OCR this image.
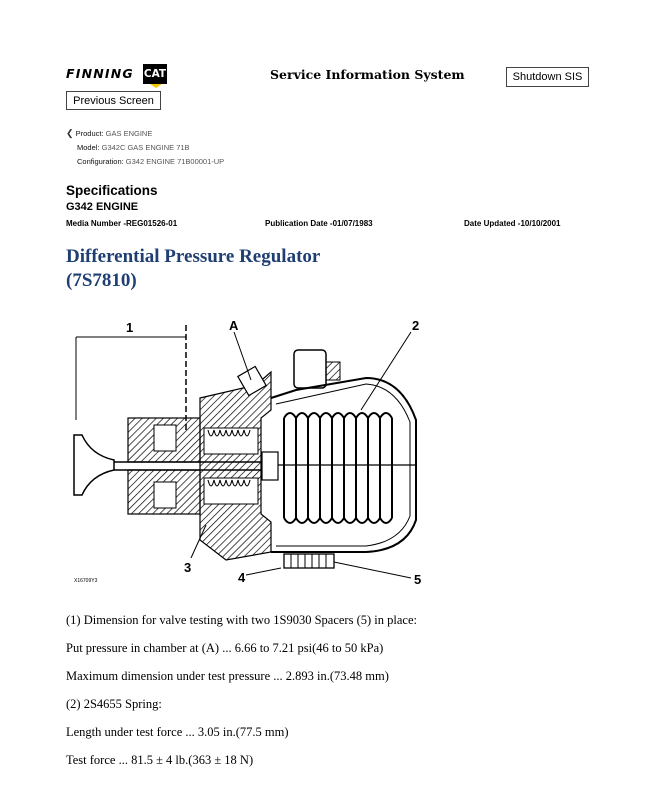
FINNING CAT	Service Information System	Shutdown SIS
Previous Screen
❮ Product: GAS ENGINE
Model: G342C GAS ENGINE 71B
Configuration: G342 ENGINE 71B00001-UP
Specifications
G342 ENGINE
Media Number -REG01526-01	Publication Date -01/07/1983	Date Updated -10/10/2001
Differential Pressure Regulator
(7S7810)
1	A	2
3
4	5
X16709Y3
(1) Dimension for valve testing with two 1S9030 Spacers (5) in place:
Put pressure in chamber at (A) ... 6.66 to 7.21 psi(46 to 50 kPa)
Maximum dimension under test pressure ... 2.893 in.(73.48 mm)
(2) 2S4655 Spring:
Length under test force ... 3.05 in.(77.5 mm)
Test force ... 81.5 ± 4 lb.(363 ± 18 N)
